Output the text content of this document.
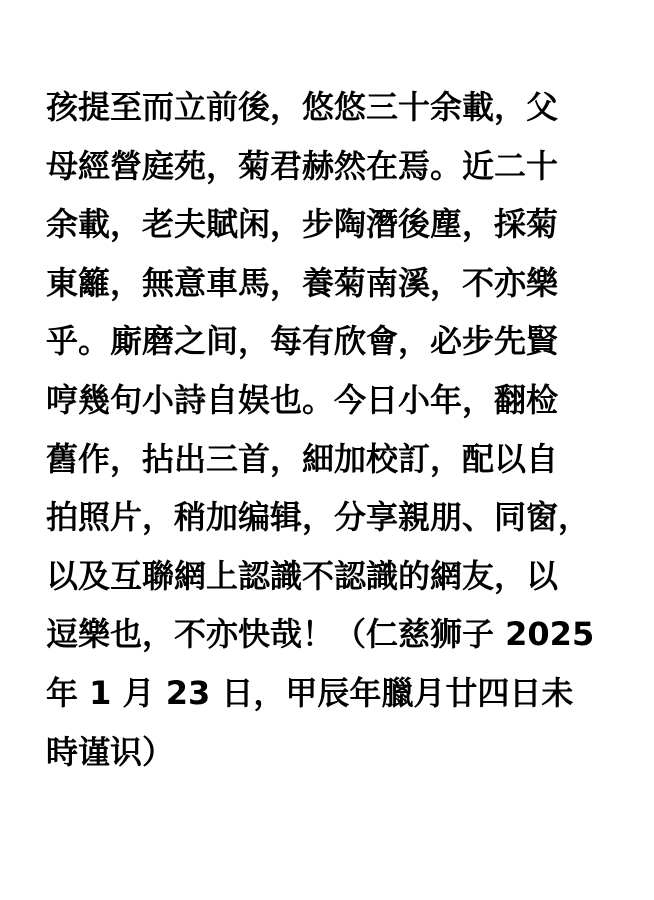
孩提至而立前後，悠悠三十余載，父
母經營庭苑，菊君赫然在焉。近二十
余載，老夫賦闲，步陶潛後塵，採菊
東籬，無意車馬，養菊南溪，不亦樂
乎。廝磨之间，每有欣會，必步先賢
哼幾句小詩自娱也。今日小年，翻检
舊作，拈出三首，細加校訂，配以自
拍照片，稍加编辑，分享親朋、同窗，
以及互聯網上認識不認識的網友，以
逗樂也，不亦快哉！（仁慈狮子 2025
年 1 月 23 日，甲辰年臘月廿四日未
時谨识）
